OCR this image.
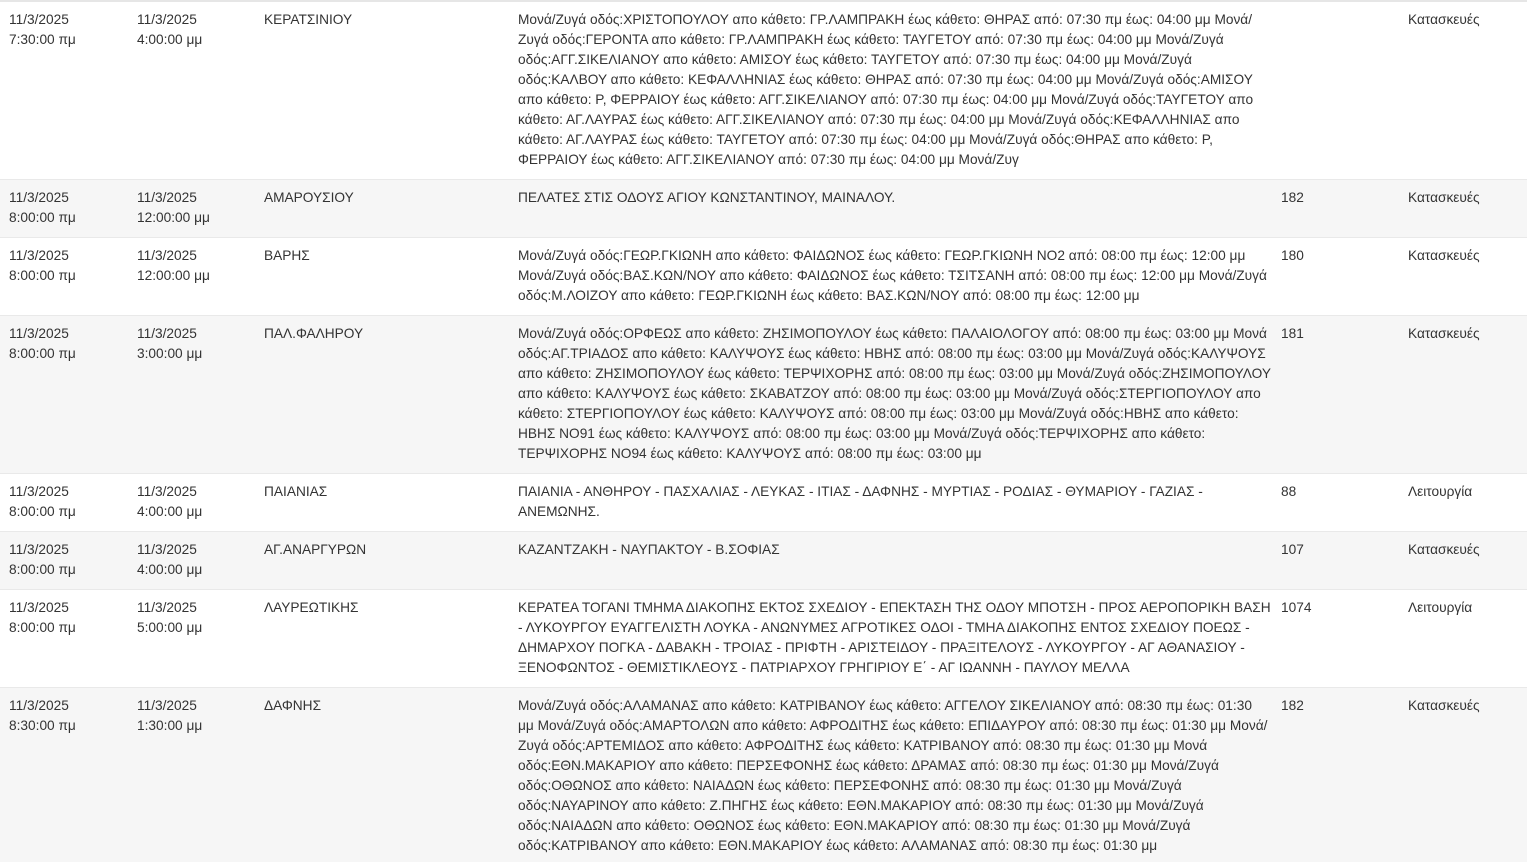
11/3/2025
7:30:00 πμ	11/3/2025
4:00:00 μμ	ΚΕΡΑΤΣΙΝΙΟΥ	Μονά/Ζυγά οδός:ΧΡΙΣΤΟΠΟΥΛΟΥ απο κάθετο: ΓΡ.ΛΑΜΠΡΑΚΗ έως κάθετο: ΘΗΡΑΣ από: 07:30 πμ έως: 04:00 μμ Μονά/Ζυγά οδός:ΓΕΡΟΝΤΑ απο κάθετο: ΓΡ.ΛΑΜΠΡΑΚΗ έως κάθετο: ΤΑΥΓΕΤΟΥ από: 07:30 πμ έως: 04:00 μμ Μονά/Ζυγά οδός:ΑΓΓ.ΣΙΚΕΛΙΑΝΟΥ απο κάθετο: ΑΜΙΣΟΥ έως κάθετο: ΤΑΥΓΕΤΟΥ από: 07:30 πμ έως: 04:00 μμ Μονά/Ζυγά οδός:ΚΑΛΒΟΥ απο κάθετο: ΚΕΦΑΛΛΗΝΙΑΣ έως κάθετο: ΘΗΡΑΣ από: 07:30 πμ έως: 04:00 μμ Μονά/Ζυγά οδός:ΑΜΙΣΟΥ απο κάθετο: Ρ, ΦΕΡΡΑΙΟΥ έως κάθετο: ΑΓΓ.ΣΙΚΕΛΙΑΝΟΥ από: 07:30 πμ έως: 04:00 μμ Μονά/Ζυγά οδός:ΤΑΥΓΕΤΟΥ απο κάθετο: ΑΓ.ΛΑΥΡΑΣ έως κάθετο: ΑΓΓ.ΣΙΚΕΛΙΑΝΟΥ από: 07:30 πμ έως: 04:00 μμ Μονά/Ζυγά οδός:ΚΕΦΑΛΛΗΝΙΑΣ απο κάθετο: ΑΓ.ΛΑΥΡΑΣ έως κάθετο: ΤΑΥΓΕΤΟΥ από: 07:30 πμ έως: 04:00 μμ Μονά/Ζυγά οδός:ΘΗΡΑΣ απο κάθετο: Ρ, ΦΕΡΡΑΙΟΥ έως κάθετο: ΑΓΓ.ΣΙΚΕΛΙΑΝΟΥ από: 07:30 πμ έως: 04:00 μμ Μονά/Ζυγ		Κατασκευές

11/3/2025
8:00:00 πμ	11/3/2025
12:00:00 μμ	ΑΜΑΡΟΥΣΙΟΥ	ΠΕΛΑΤΕΣ ΣΤΙΣ ΟΔΟΥΣ ΑΓΙΟΥ ΚΩΝΣΤΑΝΤΙΝΟΥ, ΜΑΙΝΑΛΟΥ.	182	Κατασκευές

11/3/2025
8:00:00 πμ	11/3/2025
12:00:00 μμ	ΒΑΡΗΣ	Μονά/Ζυγά οδός:ΓΕΩΡ.ΓΚΙΩΝΗ απο κάθετο: ΦΑΙΔΩΝΟΣ έως κάθετο: ΓΕΩΡ.ΓΚΙΩΝΗ ΝΟ2 από: 08:00 πμ έως: 12:00 μμ Μονά/Ζυγά οδός:ΒΑΣ.ΚΩΝ/ΝΟΥ απο κάθετο: ΦΑΙΔΩΝΟΣ έως κάθετο: ΤΣΙΤΣΑΝΗ από: 08:00 πμ έως: 12:00 μμ Μονά/Ζυγά οδός:Μ.ΛΟΙΖΟΥ απο κάθετο: ΓΕΩΡ.ΓΚΙΩΝΗ έως κάθετο: ΒΑΣ.ΚΩΝ/ΝΟΥ από: 08:00 πμ έως: 12:00 μμ	180	Κατασκευές

11/3/2025
8:00:00 πμ	11/3/2025
3:00:00 μμ	ΠΑΛ.ΦΑΛΗΡΟΥ	Μονά/Ζυγά οδός:ΟΡΦΕΩΣ απο κάθετο: ΖΗΣΙΜΟΠΟΥΛΟΥ έως κάθετο: ΠΑΛΑΙΟΛΟΓΟΥ από: 08:00 πμ έως: 03:00 μμ Μονά οδός:ΑΓ.ΤΡΙΑΔΟΣ απο κάθετο: ΚΑΛΥΨΟΥΣ έως κάθετο: ΗΒΗΣ από: 08:00 πμ έως: 03:00 μμ Μονά/Ζυγά οδός:ΚΑΛΥΨΟΥΣ απο κάθετο: ΖΗΣΙΜΟΠΟΥΛΟΥ έως κάθετο: ΤΕΡΨΙΧΟΡΗΣ από: 08:00 πμ έως: 03:00 μμ Μονά/Ζυγά οδός:ΖΗΣΙΜΟΠΟΥΛΟΥ απο κάθετο: ΚΑΛΥΨΟΥΣ έως κάθετο: ΣΚΑΒΑΤΖΟΥ από: 08:00 πμ έως: 03:00 μμ Μονά/Ζυγά οδός:ΣΤΕΡΓΙΟΠΟΥΛΟΥ απο κάθετο: ΣΤΕΡΓΙΟΠΟΥΛΟΥ έως κάθετο: ΚΑΛΥΨΟΥΣ από: 08:00 πμ έως: 03:00 μμ Μονά/Ζυγά οδός:ΗΒΗΣ απο κάθετο: ΗΒΗΣ ΝΟ91 έως κάθετο: ΚΑΛΥΨΟΥΣ από: 08:00 πμ έως: 03:00 μμ Μονά/Ζυγά οδός:ΤΕΡΨΙΧΟΡΗΣ απο κάθετο: ΤΕΡΨΙΧΟΡΗΣ ΝΟ94 έως κάθετο: ΚΑΛΥΨΟΥΣ από: 08:00 πμ έως: 03:00 μμ	181	Κατασκευές

11/3/2025
8:00:00 πμ	11/3/2025
4:00:00 μμ	ΠΑΙΑΝΙΑΣ	ΠΑΙΑΝΙΑ - ΑΝΘΗΡΟΥ - ΠΑΣΧΑΛΙΑΣ - ΛΕΥΚΑΣ - ΙΤΙΑΣ - ΔΑΦΝΗΣ - ΜΥΡΤΙΑΣ - ΡΟΔΙΑΣ - ΘΥΜΑΡΙΟΥ - ΓΑΖΙΑΣ - ΑΝΕΜΩΝΗΣ.	88	Λειτουργία

11/3/2025
8:00:00 πμ	11/3/2025
4:00:00 μμ	ΑΓ.ΑΝΑΡΓΥΡΩΝ	ΚΑΖΑΝΤΖΑΚΗ - ΝΑΥΠΑΚΤΟΥ - Β.ΣΟΦΙΑΣ	107	Κατασκευές

11/3/2025
8:00:00 πμ	11/3/2025
5:00:00 μμ	ΛΑΥΡΕΩΤΙΚΗΣ	ΚΕΡΑΤΕΑ ΤΟΓΑΝΙ ΤΜΗΜΑ ΔΙΑΚΟΠΗΣ ΕΚΤΟΣ ΣΧΕΔΙΟΥ - ΕΠΕΚΤΑΣΗ ΤΗΣ ΟΔΟΥ ΜΠΟΤΣΗ - ΠΡΟΣ ΑΕΡΟΠΟΡΙΚΗ ΒΑΣΗ - ΛΥΚΟΥΡΓΟΥ ΕΥΑΓΓΕΛΙΣΤΗ ΛΟΥΚΑ - ΑΝΩΝΥΜΕΣ ΑΓΡΟΤΙΚΕΣ ΟΔΟΙ - ΤΜΗΑ ΔΙΑΚΟΠΗΣ ΕΝΤΟΣ ΣΧΕΔΙΟΥ ΠΟΕΩΣ - ΔΗΜΑΡΧΟΥ ΠΟΓΚΑ - ΔΑΒΑΚΗ - ΤΡΟΙΑΣ - ΠΡΙΦΤΗ - ΑΡΙΣΤΕΙΔΟΥ - ΠΡΑΞΙΤΕΛΟΥΣ - ΛΥΚΟΥΡΓΟΥ - ΑΓ ΑΘΑΝΑΣΙΟΥ - ΞΕΝΟΦΩΝΤΟΣ - ΘΕΜΙΣΤΙΚΛΕΟΥΣ - ΠΑΤΡΙΑΡΧΟΥ ΓΡΗΓΙΡΙΟΥ Ε΄ - ΑΓ ΙΩΑΝΝΗ - ΠΑΥΛΟΥ ΜΕΛΛΑ	1074	Λειτουργία

11/3/2025
8:30:00 πμ	11/3/2025
1:30:00 μμ	ΔΑΦΝΗΣ	Μονά/Ζυγά οδός:ΑΛΑΜΑΝΑΣ απο κάθετο: ΚΑΤΡΙΒΑΝΟΥ έως κάθετο: ΑΓΓΕΛΟΥ ΣΙΚΕΛΙΑΝΟΥ από: 08:30 πμ έως: 01:30 μμ Μονά/Ζυγά οδός:ΑΜΑΡΤΟΛΩΝ απο κάθετο: ΑΦΡΟΔΙΤΗΣ έως κάθετο: ΕΠΙΔΑΥΡΟΥ από: 08:30 πμ έως: 01:30 μμ Μονά/Ζυγά οδός:ΑΡΤΕΜΙΔΟΣ απο κάθετο: ΑΦΡΟΔΙΤΗΣ έως κάθετο: ΚΑΤΡΙΒΑΝΟΥ από: 08:30 πμ έως: 01:30 μμ Μονά οδός:ΕΘΝ.ΜΑΚΑΡΙΟΥ απο κάθετο: ΠΕΡΣΕΦΟΝΗΣ έως κάθετο: ΔΡΑΜΑΣ από: 08:30 πμ έως: 01:30 μμ Μονά/Ζυγά οδός:ΟΘΩΝΟΣ απο κάθετο: ΝΑΙΑΔΩΝ έως κάθετο: ΠΕΡΣΕΦΟΝΗΣ από: 08:30 πμ έως: 01:30 μμ Μονά/Ζυγά οδός:ΝΑΥΑΡΙΝΟΥ απο κάθετο: Ζ.ΠΗΓΗΣ έως κάθετο: ΕΘΝ.ΜΑΚΑΡΙΟΥ από: 08:30 πμ έως: 01:30 μμ Μονά/Ζυγά οδός:ΝΑΙΑΔΩΝ απο κάθετο: ΟΘΩΝΟΣ έως κάθετο: ΕΘΝ.ΜΑΚΑΡΙΟΥ από: 08:30 πμ έως: 01:30 μμ Μονά/Ζυγά οδός:ΚΑΤΡΙΒΑΝΟΥ απο κάθετο: ΕΘΝ.ΜΑΚΑΡΙΟΥ έως κάθετο: ΑΛΑΜΑΝΑΣ από: 08:30 πμ έως: 01:30 μμ	182	Κατασκευές
